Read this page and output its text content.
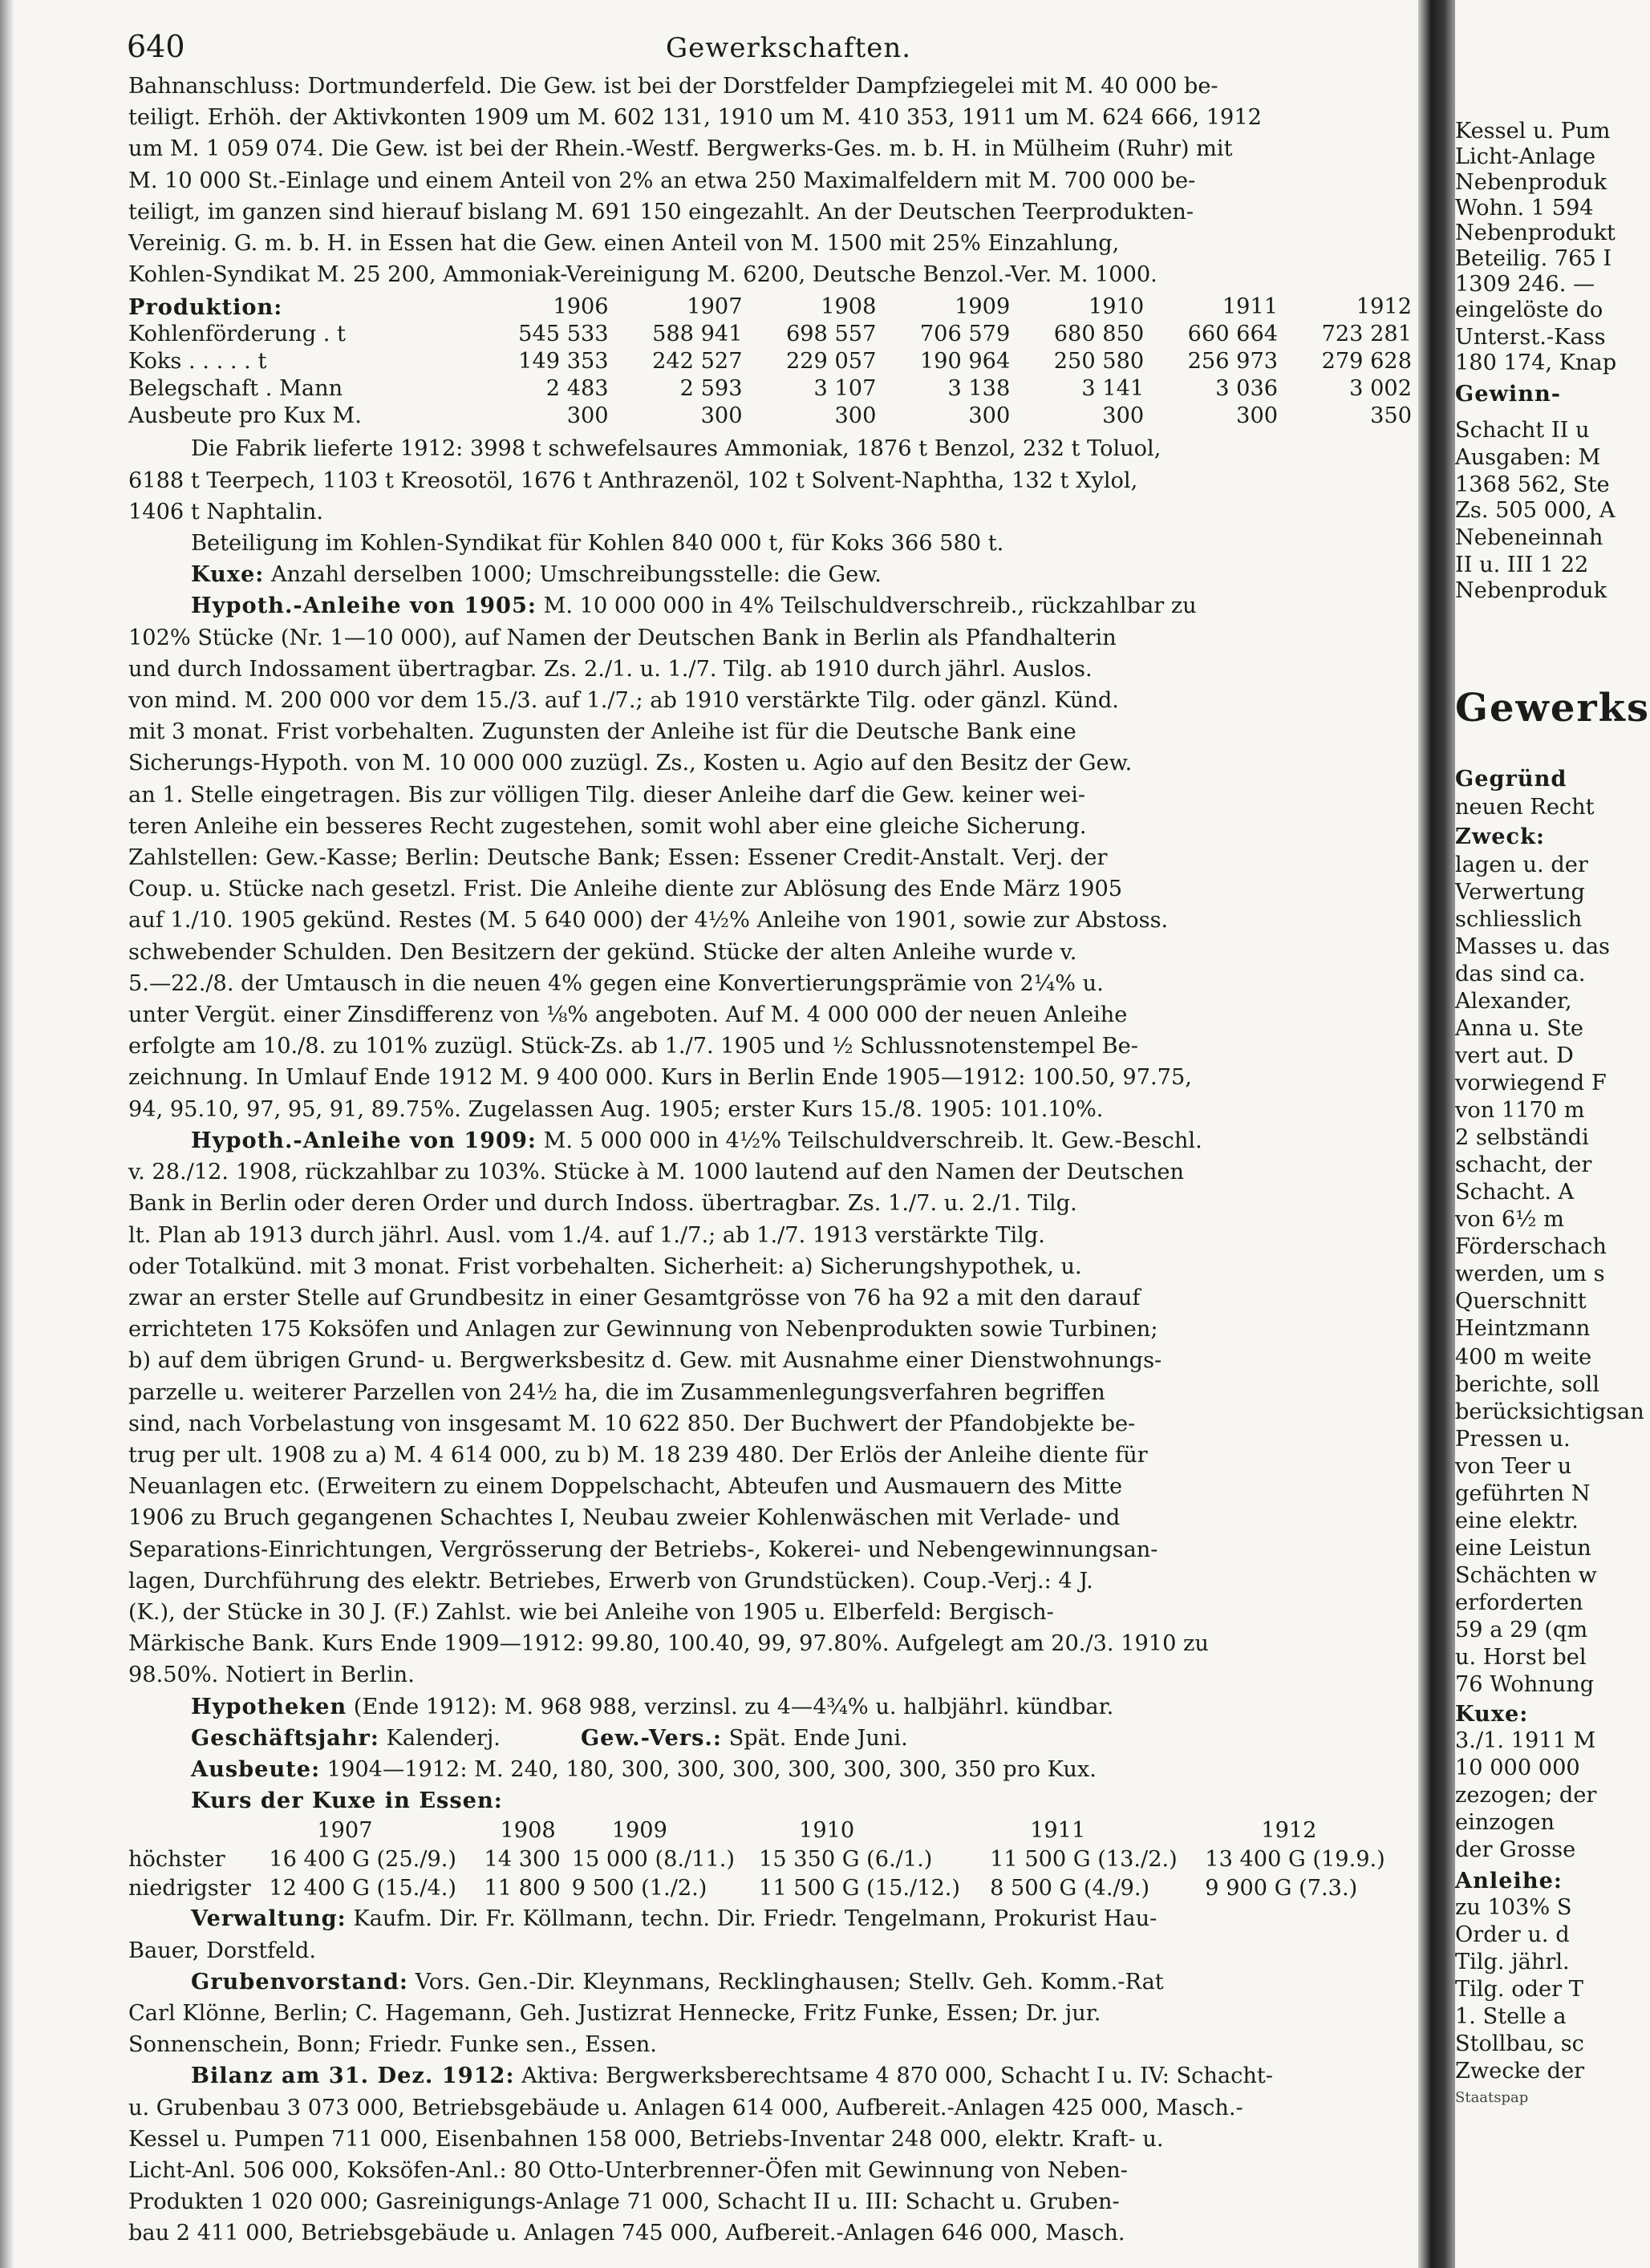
640	Gewerkschaften.
Bahnanschluss: Dortmunderfeld. Die Gew. ist bei der Dorstfelder Dampfziegelei mit M. 40 000 be-
teiligt. Erhöh. der Aktivkonten 1909 um M. 602 131, 1910 um M. 410 353, 1911 um M. 624 666, 1912
um M. 1 059 074. Die Gew. ist bei der Rhein.-Westf. Bergwerks-Ges. m. b. H. in Mülheim (Ruhr) mit
M. 10 000 St.-Einlage und einem Anteil von 2% an etwa 250 Maximalfeldern mit M. 700 000 be-
teiligt, im ganzen sind hierauf bislang M. 691 150 eingezahlt. An der Deutschen Teerprodukten-
Vereinig. G. m. b. H. in Essen hat die Gew. einen Anteil von M. 1500 mit 25% Einzahlung,
Kohlen-Syndikat M. 25 200, Ammoniak-Vereinigung M. 6200, Deutsche Benzol.-Ver. M. 1000.
Produktion:	1906	1907	1908	1909	1910	1911	1912
Kohlenförderung . t	545 533	588 941	698 557	706 579	680 850	660 664	723 281
Koks . . . . . t	149 353	242 527	229 057	190 964	250 580	256 973	279 628
Belegschaft . Mann	2 483	2 593	3 107	3 138	3 141	3 036	3 002
Ausbeute pro Kux M.	300	300	300	300	300	300	350
Die Fabrik lieferte 1912: 3998 t schwefelsaures Ammoniak, 1876 t Benzol, 232 t Toluol,
6188 t Teerpech, 1103 t Kreosotöl, 1676 t Anthrazenöl, 102 t Solvent-Naphtha, 132 t Xylol,
1406 t Naphtalin.
Beteiligung im Kohlen-Syndikat für Kohlen 840 000 t, für Koks 366 580 t.
Kuxe: Anzahl derselben 1000; Umschreibungsstelle: die Gew.
Hypoth.-Anleihe von 1905: M. 10 000 000 in 4% Teilschuldverschreib., rückzahlbar zu
102% Stücke (Nr. 1—10 000), auf Namen der Deutschen Bank in Berlin als Pfandhalterin
und durch Indossament übertragbar. Zs. 2./1. u. 1./7. Tilg. ab 1910 durch jährl. Auslos.
von mind. M. 200 000 vor dem 15./3. auf 1./7.; ab 1910 verstärkte Tilg. oder gänzl. Künd.
mit 3 monat. Frist vorbehalten. Zugunsten der Anleihe ist für die Deutsche Bank eine
Sicherungs-Hypoth. von M. 10 000 000 zuzügl. Zs., Kosten u. Agio auf den Besitz der Gew.
an 1. Stelle eingetragen. Bis zur völligen Tilg. dieser Anleihe darf die Gew. keiner wei-
teren Anleihe ein besseres Recht zugestehen, somit wohl aber eine gleiche Sicherung.
Zahlstellen: Gew.-Kasse; Berlin: Deutsche Bank; Essen: Essener Credit-Anstalt. Verj. der
Coup. u. Stücke nach gesetzl. Frist. Die Anleihe diente zur Ablösung des Ende März 1905
auf 1./10. 1905 gekünd. Restes (M. 5 640 000) der 4½% Anleihe von 1901, sowie zur Abstoss.
schwebender Schulden. Den Besitzern der gekünd. Stücke der alten Anleihe wurde v.
5.—22./8. der Umtausch in die neuen 4% gegen eine Konvertierungsprämie von 2¼% u.
unter Vergüt. einer Zinsdifferenz von ⅛% angeboten. Auf M. 4 000 000 der neuen Anleihe
erfolgte am 10./8. zu 101% zuzügl. Stück-Zs. ab 1./7. 1905 und ½ Schlussnotenstempel Be-
zeichnung. In Umlauf Ende 1912 M. 9 400 000. Kurs in Berlin Ende 1905—1912: 100.50, 97.75,
94, 95.10, 97, 95, 91, 89.75%. Zugelassen Aug. 1905; erster Kurs 15./8. 1905: 101.10%.
Hypoth.-Anleihe von 1909: M. 5 000 000 in 4½% Teilschuldverschreib. lt. Gew.-Beschl.
v. 28./12. 1908, rückzahlbar zu 103%. Stücke à M. 1000 lautend auf den Namen der Deutschen
Bank in Berlin oder deren Order und durch Indoss. übertragbar. Zs. 1./7. u. 2./1. Tilg.
lt. Plan ab 1913 durch jährl. Ausl. vom 1./4. auf 1./7.; ab 1./7. 1913 verstärkte Tilg.
oder Totalkünd. mit 3 monat. Frist vorbehalten. Sicherheit: a) Sicherungshypothek, u.
zwar an erster Stelle auf Grundbesitz in einer Gesamtgrösse von 76 ha 92 a mit den darauf
errichteten 175 Koksöfen und Anlagen zur Gewinnung von Nebenprodukten sowie Turbinen;
b) auf dem übrigen Grund- u. Bergwerksbesitz d. Gew. mit Ausnahme einer Dienstwohnungs-
parzelle u. weiterer Parzellen von 24½ ha, die im Zusammenlegungsverfahren begriffen
sind, nach Vorbelastung von insgesamt M. 10 622 850. Der Buchwert der Pfandobjekte be-
trug per ult. 1908 zu a) M. 4 614 000, zu b) M. 18 239 480. Der Erlös der Anleihe diente für
Neuanlagen etc. (Erweitern zu einem Doppelschacht, Abteufen und Ausmauern des Mitte
1906 zu Bruch gegangenen Schachtes I, Neubau zweier Kohlenwäschen mit Verlade- und
Separations-Einrichtungen, Vergrösserung der Betriebs-, Kokerei- und Nebengewinnungsan-
lagen, Durchführung des elektr. Betriebes, Erwerb von Grundstücken). Coup.-Verj.: 4 J.
(K.), der Stücke in 30 J. (F.) Zahlst. wie bei Anleihe von 1905 u. Elberfeld: Bergisch-
Märkische Bank. Kurs Ende 1909—1912: 99.80, 100.40, 99, 97.80%. Aufgelegt am 20./3. 1910 zu
98.50%. Notiert in Berlin.
Hypotheken (Ende 1912): M. 968 988, verzinsl. zu 4—4¾% u. halbjährl. kündbar.
Geschäftsjahr: Kalenderj.	Gew.-Vers.: Spät. Ende Juni.
Ausbeute: 1904—1912: M. 240, 180, 300, 300, 300, 300, 300, 300, 350 pro Kux.
Kurs der Kuxe in Essen:
	1907	1908	1909	1910	1911	1912
höchster	16 400 G (25./9.)	14 300	15 000 (8./11.)	15 350 G (6./1.)	11 500 G (13./2.)	13 400 G (19.9.)
niedrigster	12 400 G (15./4.)	11 800	9 500 (1./2.)	11 500 G (15./12.)	8 500 G (4./9.)	9 900 G (7.3.)
Verwaltung: Kaufm. Dir. Fr. Köllmann, techn. Dir. Friedr. Tengelmann, Prokurist Hau-
Bauer, Dorstfeld.
Grubenvorstand: Vors. Gen.-Dir. Kleynmans, Recklinghausen; Stellv. Geh. Komm.-Rat
Carl Klönne, Berlin; C. Hagemann, Geh. Justizrat Hennecke, Fritz Funke, Essen; Dr. jur.
Sonnenschein, Bonn; Friedr. Funke sen., Essen.
Bilanz am 31. Dez. 1912: Aktiva: Bergwerksberechtsame 4 870 000, Schacht I u. IV: Schacht-
u. Grubenbau 3 073 000, Betriebsgebäude u. Anlagen 614 000, Aufbereit.-Anlagen 425 000, Masch.-
Kessel u. Pumpen 711 000, Eisenbahnen 158 000, Betriebs-Inventar 248 000, elektr. Kraft- u.
Licht-Anl. 506 000, Koksöfen-Anl.: 80 Otto-Unterbrenner-Öfen mit Gewinnung von Neben-
Produkten 1 020 000; Gasreinigungs-Anlage 71 000, Schacht II u. III: Schacht u. Gruben-
bau 2 411 000, Betriebsgebäude u. Anlagen 745 000, Aufbereit.-Anlagen 646 000, Masch.
Kessel u. Pum
Licht-Anlage
Nebenproduk
Wohn. 1 594
Nebenprodukt
Beteilig. 765 I
1309 246. —
eingelöste do
Unterst.-Kass
180 174, Knap
Gewinn-
Schacht II u
Ausgaben: M
1368 562, Ste
Zs. 505 000, A
Nebeneinnah
II u. III 1 22
Nebenproduk
Gewerks
Gegründ
neuen Recht
Zweck:
lagen u. der
Verwertung
schliesslich
Masses u. das
das sind ca.
Alexander,
Anna u. Ste
vert aut. D
vorwiegend F
von 1170 m
2 selbständi
schacht, der
Schacht. A
von 6½ m
Förderschach
werden, um s
Querschnitt
Heintzmann
400 m weite
berichte, soll
berücksichtigsan
Pressen u.
von Teer u
geführten N
eine elektr.
eine Leistun
Schächten w
erforderten
59 a 29 (qm
u. Horst bel
76 Wohnung
Kuxe:
3./1. 1911 M
10 000 000
zezogen; der
einzogen
der Grosse
Anleihe:
zu 103% S
Order u. d
Tilg. jährl.
Tilg. oder T
1. Stelle a
Stollbau, sc
Zwecke der
Staatspap
